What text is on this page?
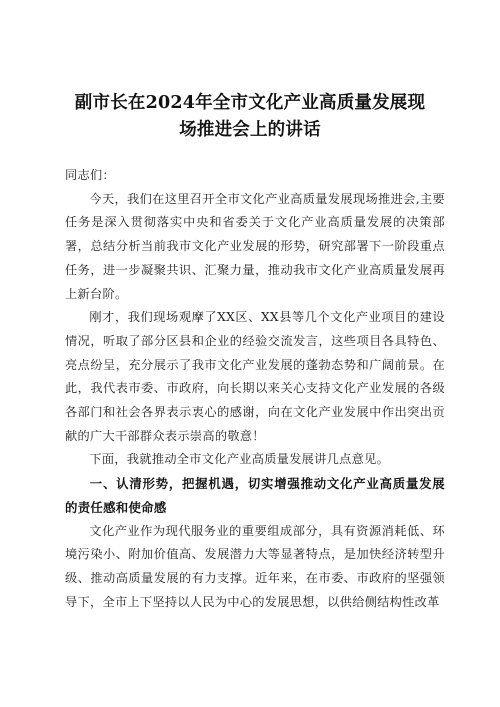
副市长在2024年全市文化产业高质量发展现
场推进会上的讲话

同志们：

今天，我们在这里召开全市文化产业高质量发展现场推进会,主要任务是深入贯彻落实中央和省委关于文化产业高质量发展的决策部署，总结分析当前我市文化产业发展的形势，研究部署下一阶段重点任务，进一步凝聚共识、汇聚力量，推动我市文化产业高质量发展再上新台阶。

刚才，我们现场观摩了XX区、XX县等几个文化产业项目的建设情况，听取了部分区县和企业的经验交流发言，这些项目各具特色、亮点纷呈，充分展示了我市文化产业发展的蓬勃态势和广阔前景。在此，我代表市委、市政府，向长期以来关心支持文化产业发展的各级各部门和社会各界表示衷心的感谢，向在文化产业发展中作出突出贡献的广大干部群众表示崇高的敬意！

下面，我就推动全市文化产业高质量发展讲几点意见。

一、认清形势，把握机遇，切实增强推动文化产业高质量发展的责任感和使命感

文化产业作为现代服务业的重要组成部分，具有资源消耗低、环境污染小、附加价值高、发展潜力大等显著特点，是加快经济转型升级、推动高质量发展的有力支撑。近年来，在市委、市政府的坚强领导下，全市上下坚持以人民为中心的发展思想，以供给侧结构性改革
